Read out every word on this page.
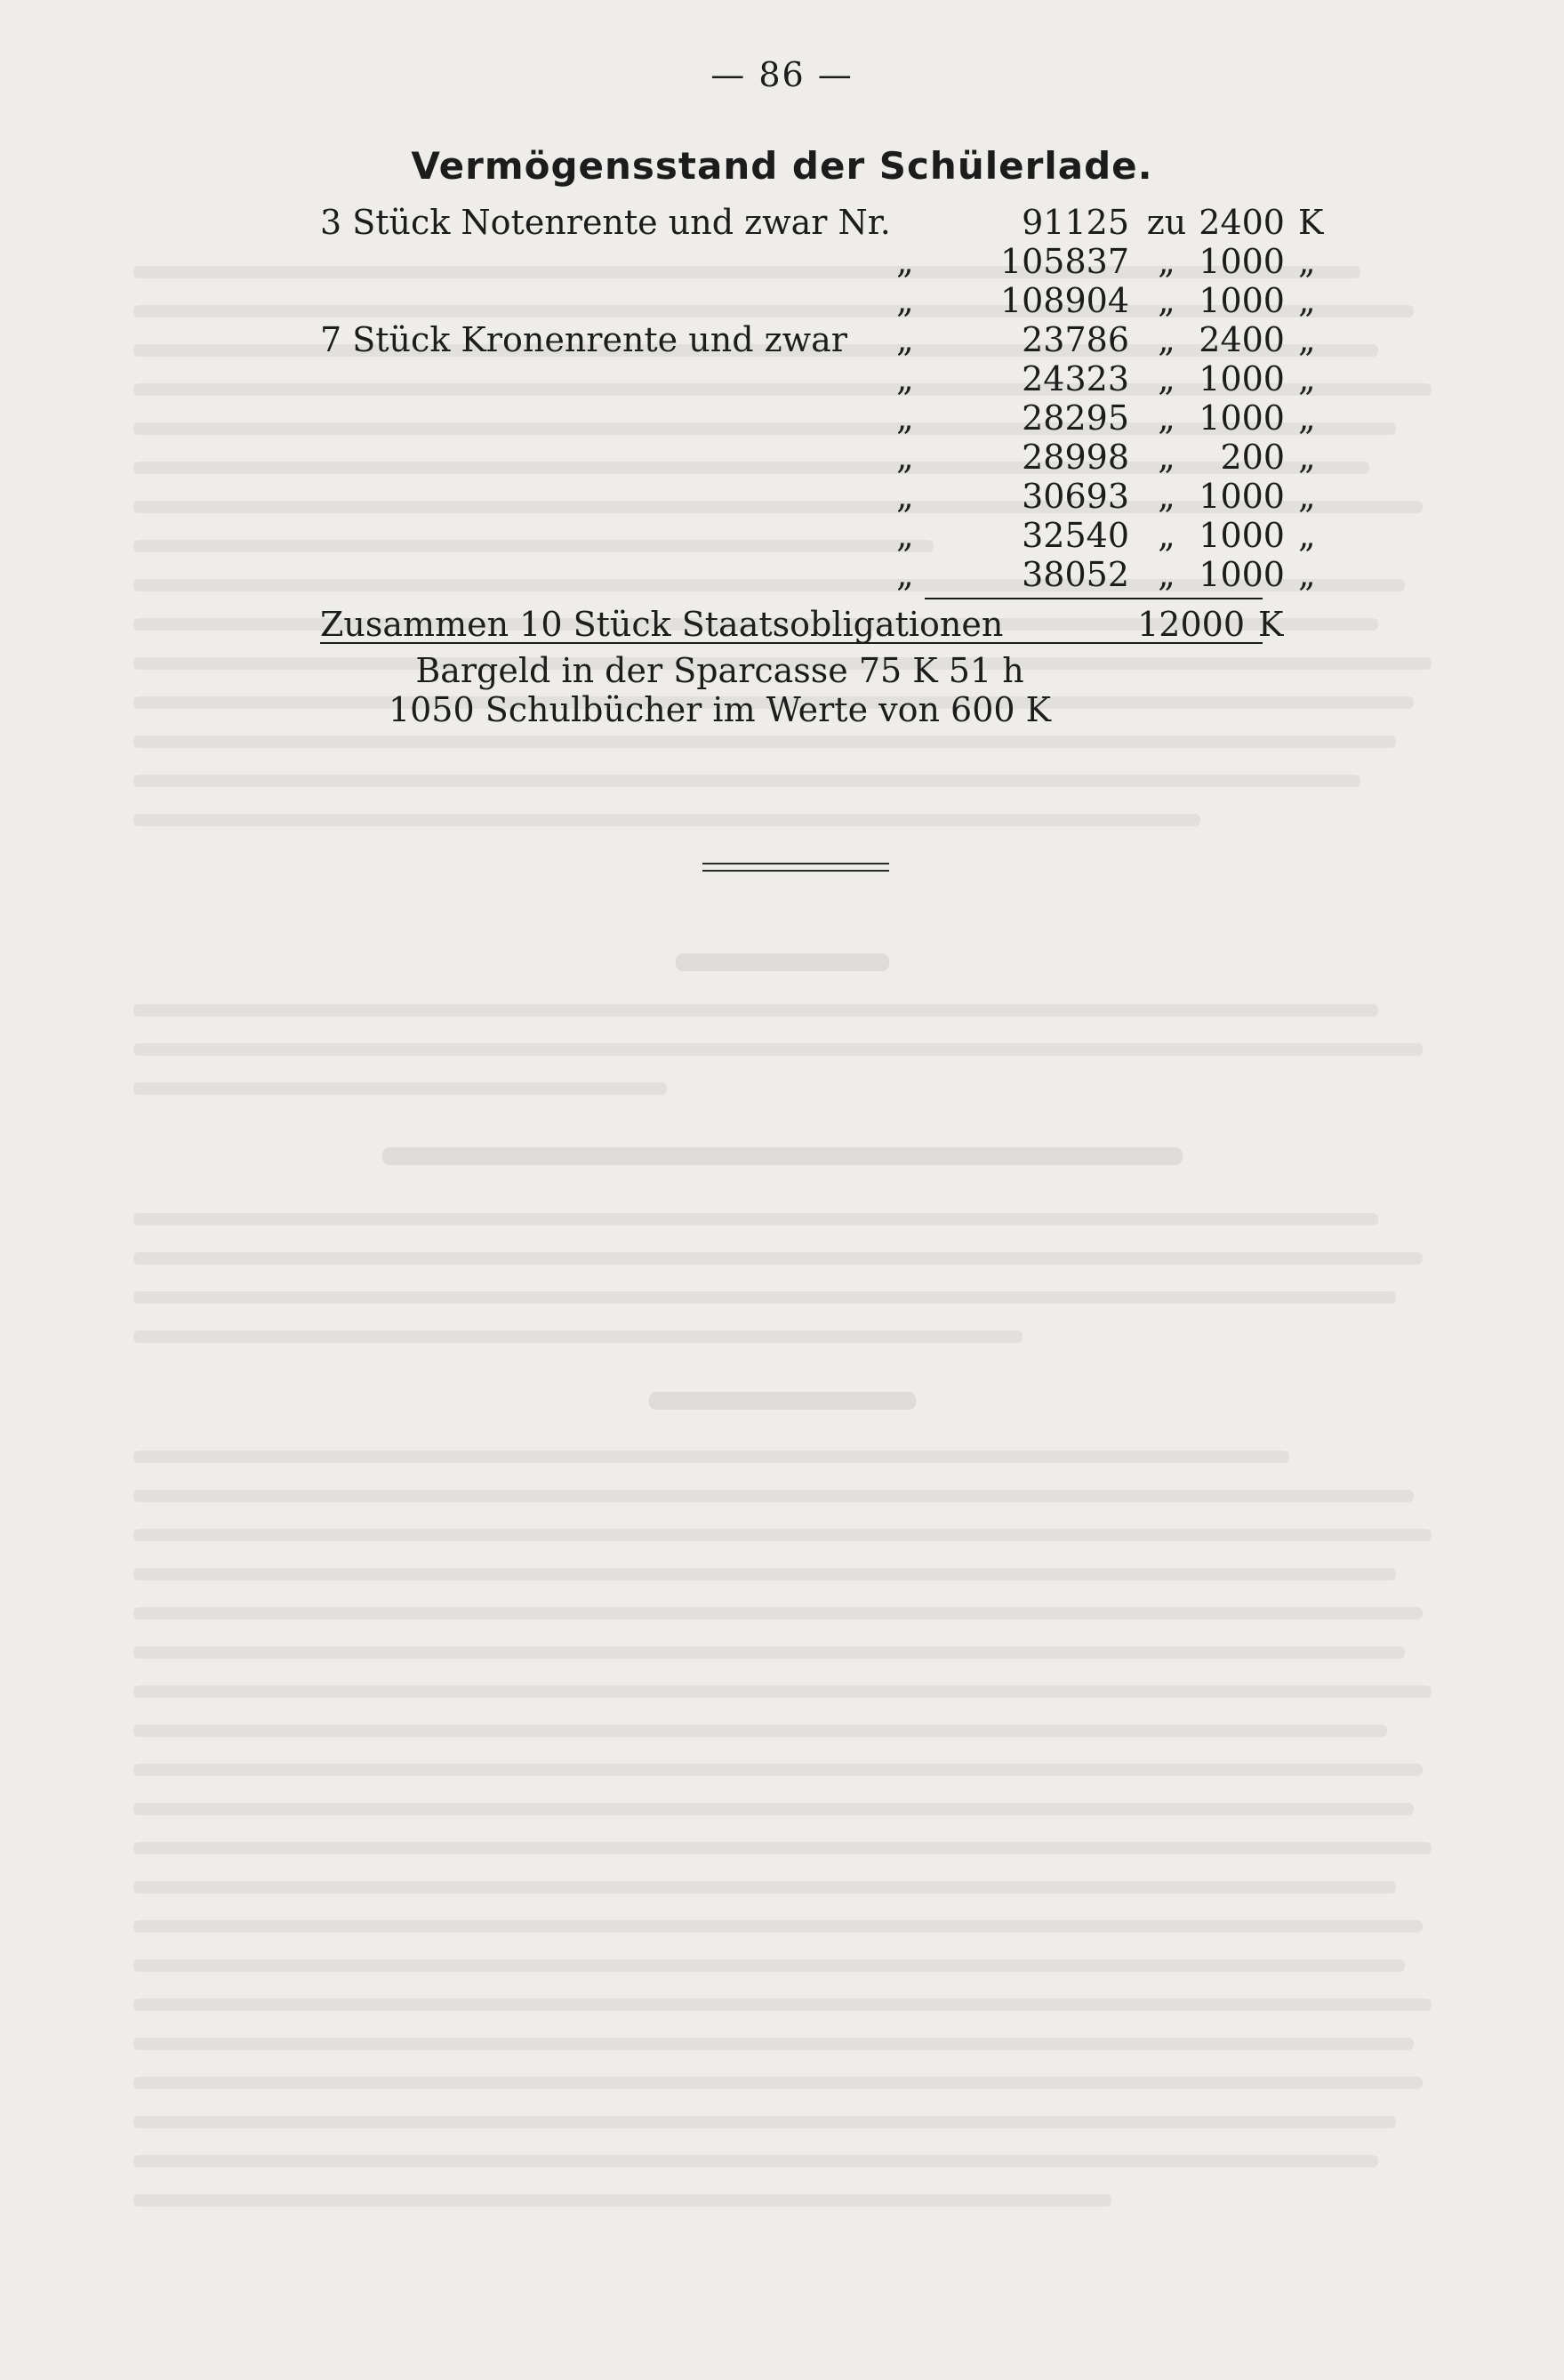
— 86 —
Vermögensstand der Schülerlade.
3 Stück Notenrente und zwar Nr.	91125 zu 2400 K
„	105837 „ 1000 „
„	108904 „ 1000 „
7 Stück Kronenrente und zwar „	23786 „ 2400 „
„	24323 „ 1000 „
„	28295 „ 1000 „
„	28998 „	200 „
„	30693 „ 1000 „
„	32540 „ 1000 „
„	38052 „ 1000 „
Zusammen 10 Stück Staatsobligationen	12000 K
Bargeld in der Sparcasse 75 K 51 h
1050 Schulbücher im Werte von 600 K
